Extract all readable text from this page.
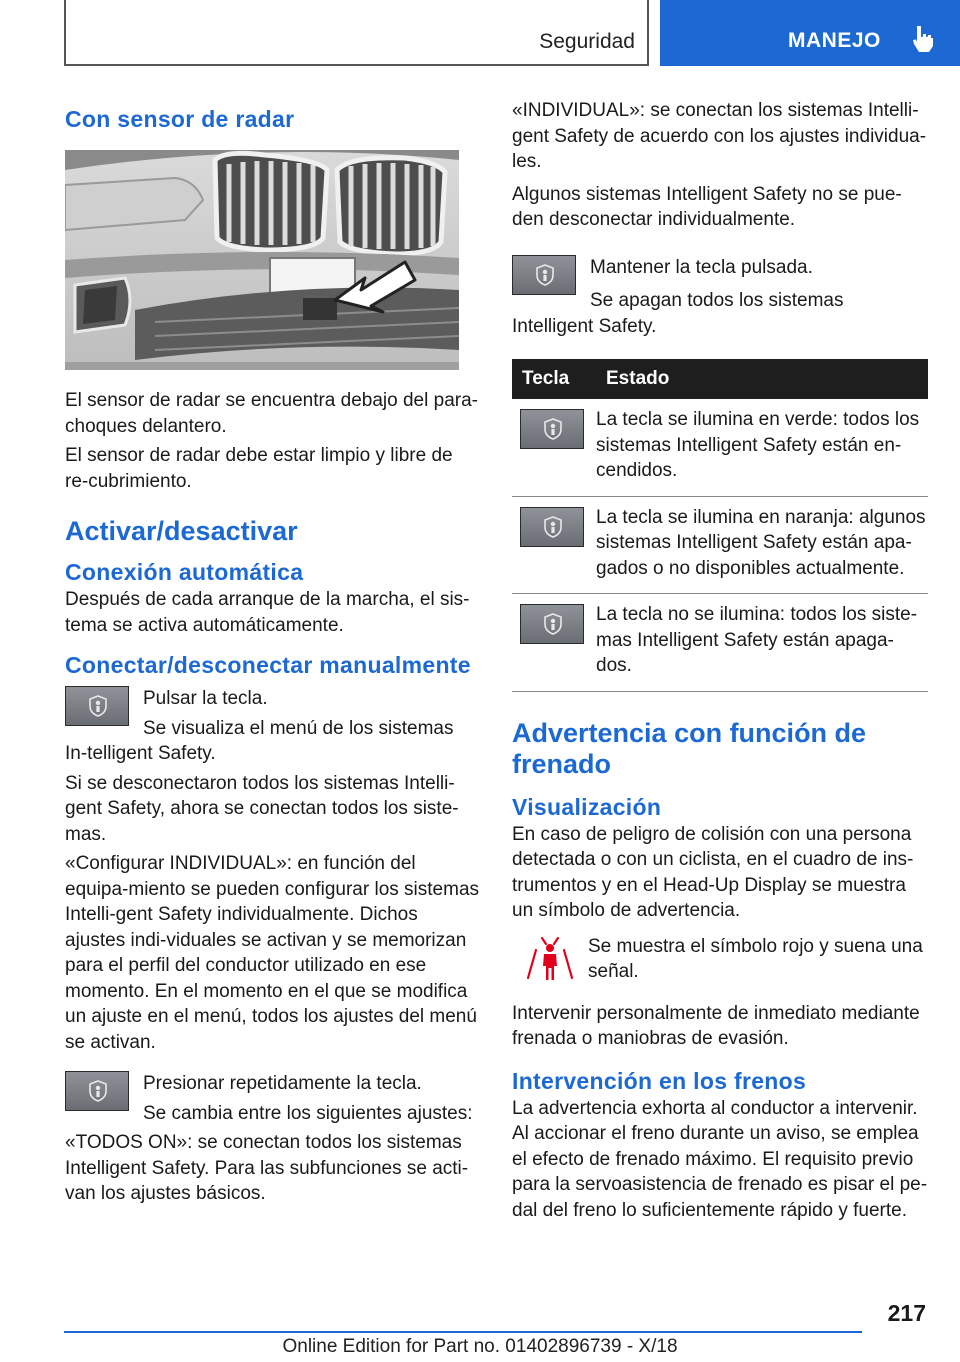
Seguridad	MANEJO
Con sensor de radar

El sensor de radar se encuentra debajo del para-choques delantero.

El sensor de radar debe estar limpio y libre de re-cubrimiento.

Activar/desactivar
Conexión automática

Después de cada arranque de la marcha, el sis-tema se activa automáticamente.

Conectar/desconectar manualmente

Pulsar la tecla.

Se visualiza el menú de los sistemas In-telligent Safety.

Si se desconectaron todos los sistemas Intelli-gent Safety, ahora se conectan todos los siste-mas.

«Configurar INDIVIDUAL»: en función del equipa-miento se pueden configurar los sistemas Intelli-gent Safety individualmente. Dichos ajustes indi-viduales se activan y se memorizan para el perfil del conductor utilizado en ese momento. En el momento en el que se modifica un ajuste en el menú, todos los ajustes del menú se activan.

Presionar repetidamente la tecla.

Se cambia entre los siguientes ajustes:

«TODOS ON»: se conectan todos los sistemas Intelligent Safety. Para las subfunciones se acti-van los ajustes básicos.

«INDIVIDUAL»: se conectan los sistemas Intelli-gent Safety de acuerdo con los ajustes individua-les.

Algunos sistemas Intelligent Safety no se pue-den desconectar individualmente.

Mantener la tecla pulsada.

Se apagan todos los sistemas Intelligent Safety.

Tecla	Estado

	La tecla se ilumina en verde: todos los sistemas Intelligent Safety están en-cendidos.

	La tecla se ilumina en naranja: algunos sistemas Intelligent Safety están apa-gados o no disponibles actualmente.

	La tecla no se ilumina: todos los siste-mas Intelligent Safety están apaga-dos.
Advertencia con función de frenado
Visualización

En caso de peligro de colisión con una persona detectada o con un ciclista, en el cuadro de ins-trumentos y en el Head-Up Display se muestra un símbolo de advertencia.

Se muestra el símbolo rojo y suena una señal.

Intervenir personalmente de inmediato mediante frenada o maniobras de evasión.

Intervención en los frenos

La advertencia exhorta al conductor a intervenir. Al accionar el freno durante un aviso, se emplea el efecto de frenado máximo. El requisito previo para la servoasistencia de frenado es pisar el pe-dal del freno lo suficientemente rápido y fuerte.

217
Online Edition for Part no. 01402896739 - X/18
